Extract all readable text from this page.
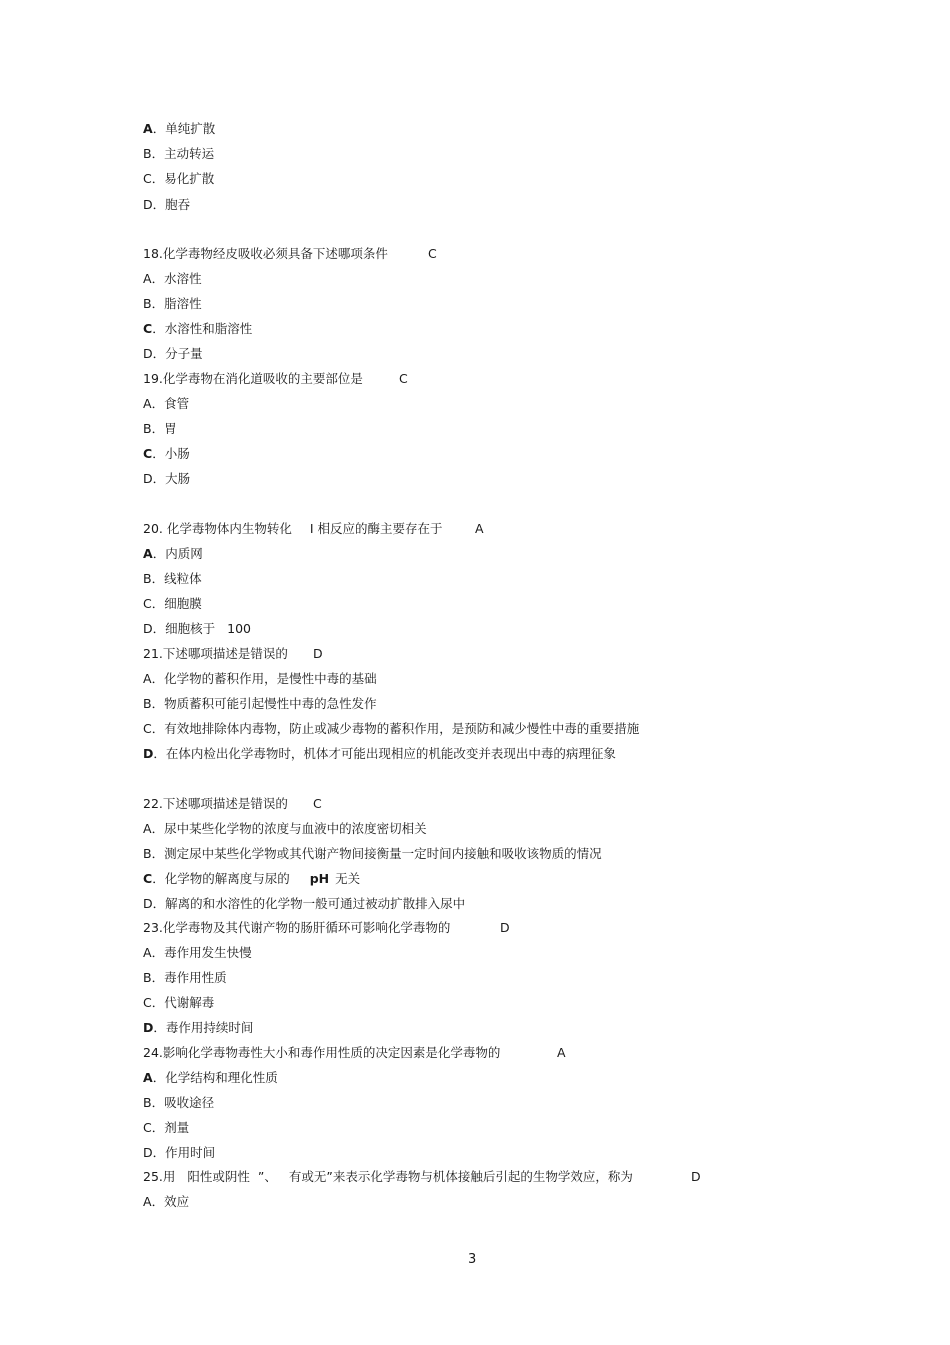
A．单纯扩散
B．主动转运
C．易化扩散
D．胞吞
18.化学毒物经皮吸收必须具备下述哪项条件	C
A．水溶性
B．脂溶性
C．水溶性和脂溶性
D．分子量
19.化学毒物在消化道吸收的主要部位是	C
A．食管
B．胃
C．小肠
D．大肠
20. 化学毒物体内生物转化 I 相反应的酶主要存在于	A
A．内质网
B．线粒体
C．细胞膜
D．细胞核于 100
21.下述哪项描述是错误的 D
A．化学物的蓄积作用，是慢性中毒的基础
B．物质蓄积可能引起慢性中毒的急性发作
C．有效地排除体内毒物，防止或减少毒物的蓄积作用，是预防和减少慢性中毒的重要措施
D．在体内检出化学毒物时，机体才可能出现相应的机能改变并表现出中毒的病理征象
22.下述哪项描述是错误的 C
A．尿中某些化学物的浓度与血液中的浓度密切相关
B．测定尿中某些化学物或其代谢产物间接衡量一定时间内接触和吸收该物质的情况
C．化学物的解离度与尿的 pH 无关
D．解离的和水溶性的化学物一般可通过被动扩散排入尿中
23.化学毒物及其代谢产物的肠肝循环可影响化学毒物的	D
A．毒作用发生快慢
B．毒作用性质
C．代谢解毒
D．毒作用持续时间
24.影响化学毒物毒性大小和毒作用性质的决定因素是化学毒物的	A
A．化学结构和理化性质
B．吸收途径
C．剂量
D．作用时间
25.用 阳性或阴性 ”、 有或无”来表示化学毒物与机体接触后引起的生物学效应，称为	D
A．效应
3
